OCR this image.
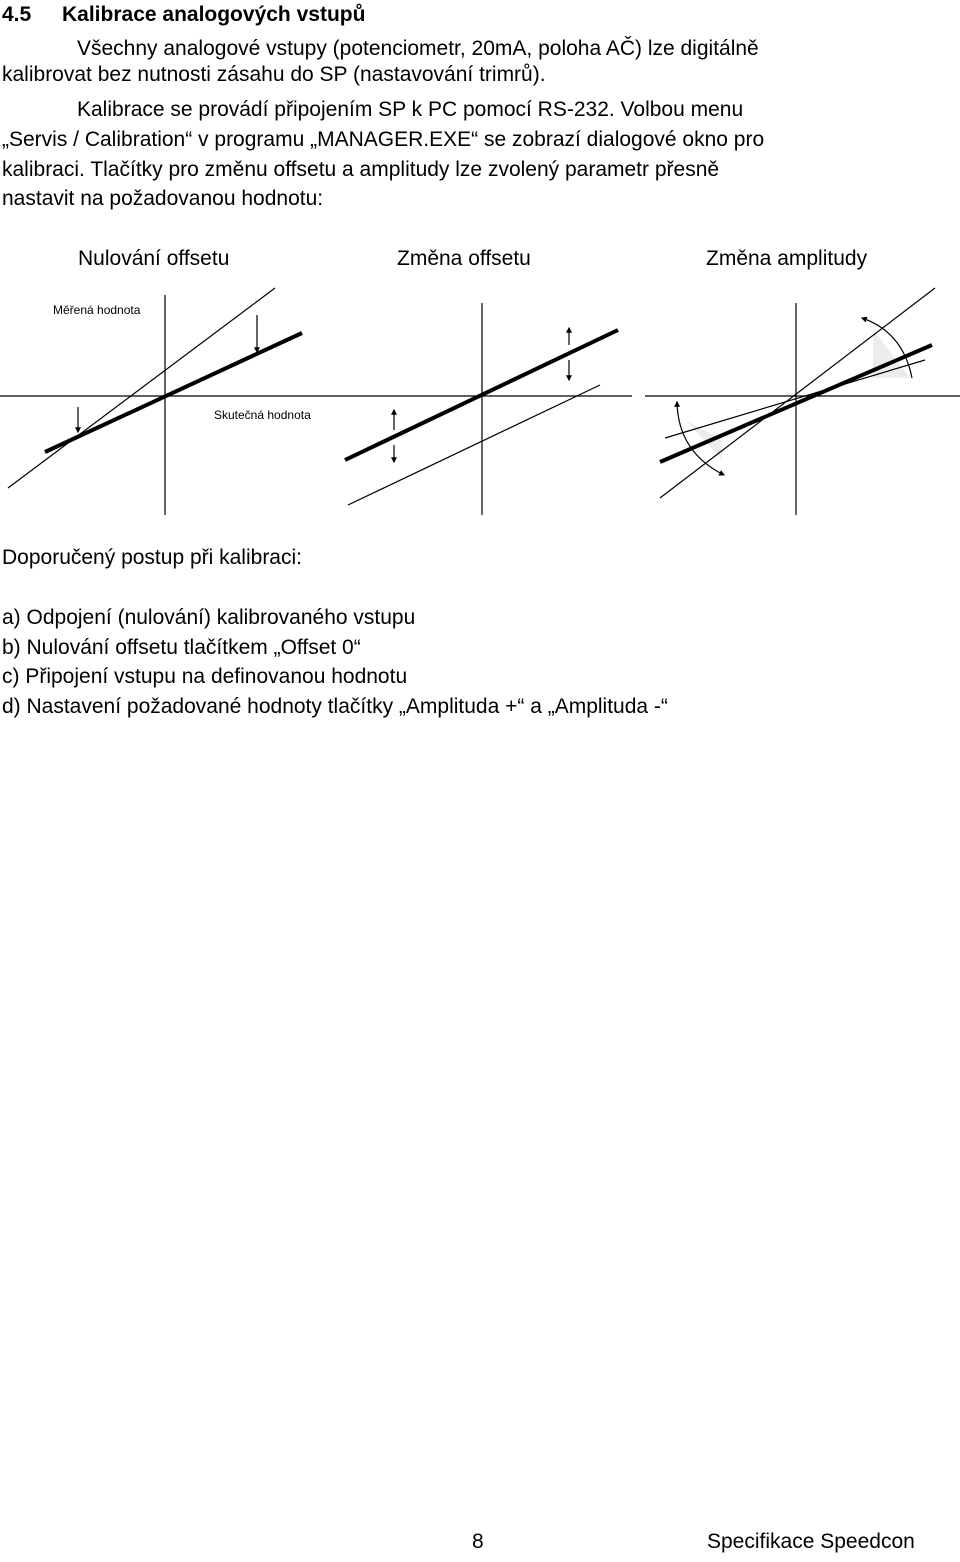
4.5 Kalibrace analogových vstupů
Všechny analogové vstupy (potenciometr, 20mA, poloha AČ) lze digitálně
kalibrovat bez nutnosti zásahu do SP (nastavování trimrů).
Kalibrace se provádí připojením SP k PC pomocí RS-232. Volbou menu
„Servis / Calibration“ v programu „MANAGER.EXE“ se zobrazí dialogové okno pro
kalibraci. Tlačítky pro změnu offsetu a amplitudy lze zvolený parametr přesně
nastavit na požadovanou hodnotu:
Nulování offsetu	Změna offsetu	Změna amplitudy
Měřená hodnota
Skutečná hodnota
Doporučený postup při kalibraci:
a) Odpojení (nulování) kalibrovaného vstupu
b) Nulování offsetu tlačítkem „Offset 0“
c) Připojení vstupu na definovanou hodnotu
d) Nastavení požadované hodnoty tlačítky „Amplituda +“ a „Amplituda -“
8	Specifikace Speedcon
